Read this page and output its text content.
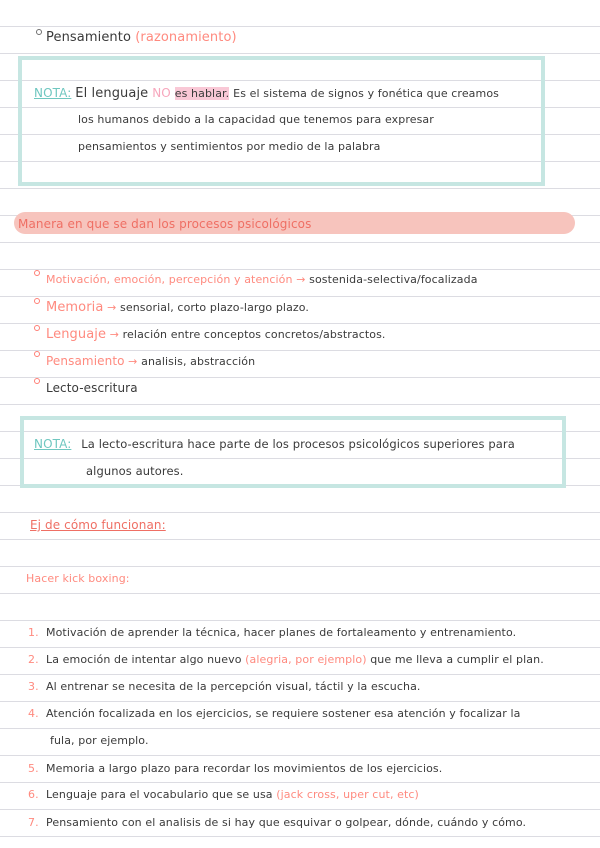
Pensamiento (razonamiento)
NOTA: El lenguaje NO es hablar. Es el sistema de signos y fonética que creamos
los humanos debido a la capacidad que tenemos para expresar
pensamientos y sentimientos por medio de la palabra
Manera en que se dan los procesos psicológicos
Motivación, emoción, percepción y atención → sostenida-selectiva/focalizada
Memoria → sensorial, corto plazo-largo plazo.
Lenguaje → relación entre conceptos concretos/abstractos.
Pensamiento → analisis, abstracción
Lecto-escritura
NOTA: La lecto-escritura hace parte de los procesos psicológicos superiores para
algunos autores.
Ej de cómo funcionan:
Hacer kick boxing:
1. Motivación de aprender la técnica, hacer planes de fortaleamento y entrenamiento.
2. La emoción de intentar algo nuevo (alegria, por ejemplo) que me lleva a cumplir el plan.
3. Al entrenar se necesita de la percepción visual, táctil y la escucha.
4. Atención focalizada en los ejercicios, se requiere sostener esa atención y focalizar la
fula, por ejemplo.
5. Memoria a largo plazo para recordar los movimientos de los ejercicios.
6. Lenguaje para el vocabulario que se usa (jack cross, uper cut, etc)
7. Pensamiento con el analisis de si hay que esquivar o golpear, dónde, cuándo y cómo.
